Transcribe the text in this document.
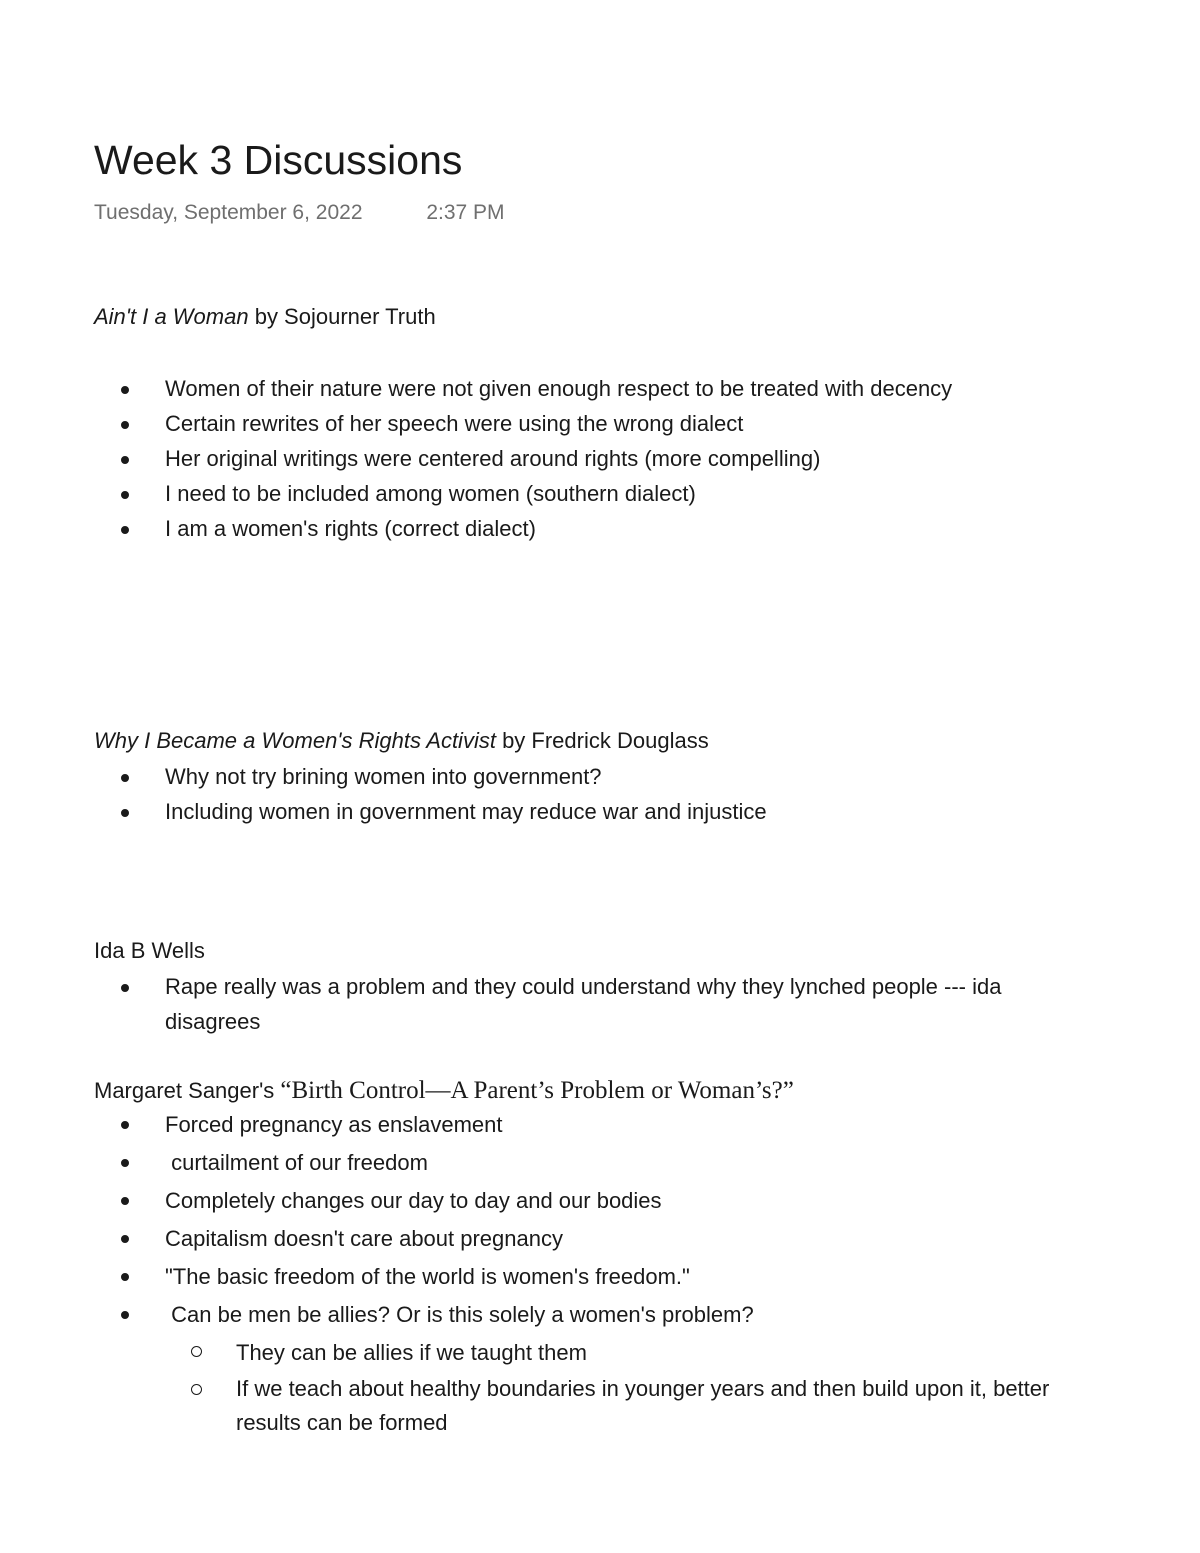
Week 3 Discussions
Tuesday, September 6, 2022	2:37 PM
Ain't I a Woman by Sojourner Truth
Women of their nature were not given enough respect to be treated with decency
Certain rewrites of her speech were using the wrong dialect
Her original writings were centered around rights (more compelling)
I need to be included among women (southern dialect)
I am a women's rights (correct dialect)
Why I Became a Women's Rights Activist by Fredrick Douglass
Why not try brining women into government?
Including women in government may reduce war and injustice
Ida B Wells
Rape really was a problem and they could understand why they lynched people --- ida disagrees
Margaret Sanger's “Birth Control—A Parent’s Problem or Woman’s?”
Forced pregnancy as enslavement
curtailment of our freedom
Completely changes our day to day and our bodies
Capitalism doesn't care about pregnancy
"The basic freedom of the world is women's freedom."
Can be men be allies? Or is this solely a women's problem?
They can be allies if we taught them
If we teach about healthy boundaries in younger years and then build upon it, better results can be formed
